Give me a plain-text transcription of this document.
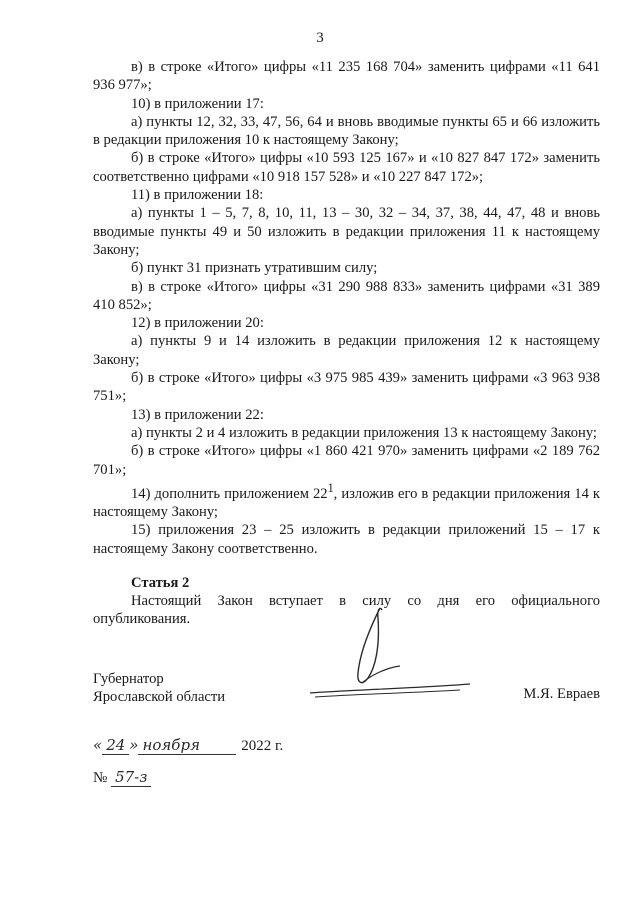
3

в) в строке «Итого» цифры «11 235 168 704» заменить цифрами «11 641 936 977»;

10) в приложении 17:

а) пункты 12, 32, 33, 47, 56, 64 и вновь вводимые пункты 65 и 66 изложить в редакции приложения 10 к настоящему Закону;

б) в строке «Итого» цифры «10 593 125 167» и «10 827 847 172» заменить соответственно цифрами «10 918 157 528» и «10 227 847 172»;

11) в приложении 18:

а) пункты 1 – 5, 7, 8, 10, 11, 13 – 30, 32 – 34, 37, 38, 44, 47, 48 и вновь вводимые пункты 49 и 50 изложить в редакции приложения 11 к настоящему Закону;

б) пункт 31 признать утратившим силу;

в) в строке «Итого» цифры «31 290 988 833» заменить цифрами «31 389 410 852»;

12) в приложении 20:

а) пункты 9 и 14 изложить в редакции приложения 12 к настоящему Закону;

б) в строке «Итого» цифры «3 975 985 439» заменить цифрами «3 963 938 751»;

13) в приложении 22:

а) пункты 2 и 4 изложить в редакции приложения 13 к настоящему Закону;

б) в строке «Итого» цифры «1 860 421 970» заменить цифрами «2 189 762 701»;

14) дополнить приложением $22^1$, изложив его в редакции приложения 14 к настоящему Закону;

15) приложения 23 – 25 изложить в редакции приложений 15 – 17 к настоящему Закону соответственно.

Статья 2

Настоящий Закон вступает в силу со дня его официального опубликования.

Губернатор
Ярославской области	М.Я. Евраев
« 24 » ноября	2022 г.
№ 57-з
